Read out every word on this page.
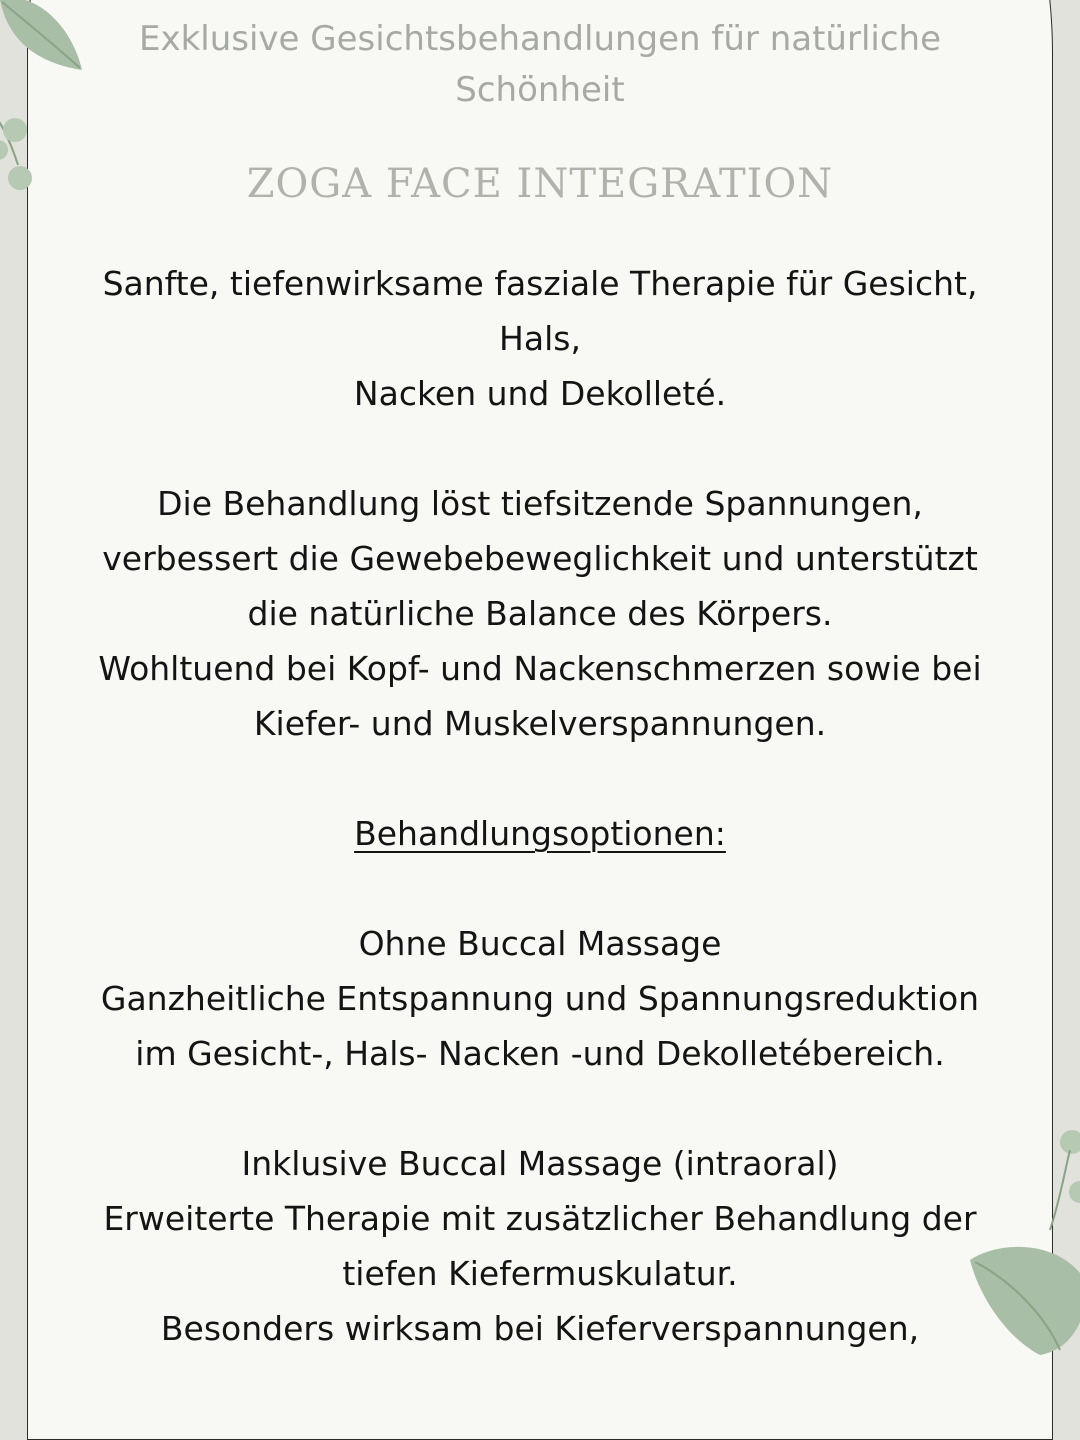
Exklusive Gesichtsbehandlungen für natürliche
Schönheit
ZOGA FACE INTEGRATION
Sanfte, tiefenwirksame fasziale Therapie für Gesicht,
Hals,
Nacken und Dekolleté.
Die Behandlung löst tiefsitzende Spannungen,
verbessert die Gewebebeweglichkeit und unterstützt
die natürliche Balance des Körpers.
Wohltuend bei Kopf- und Nackenschmerzen sowie bei
Kiefer- und Muskelverspannungen.
Behandlungsoptionen:
Ohne Buccal Massage
Ganzheitliche Entspannung und Spannungsreduktion
im Gesicht-, Hals- Nacken -und Dekolletébereich.
Inklusive Buccal Massage (intraoral)
Erweiterte Therapie mit zusätzlicher Behandlung der
tiefen Kiefermuskulatur.
Besonders wirksam bei Kieferverspannungen,
